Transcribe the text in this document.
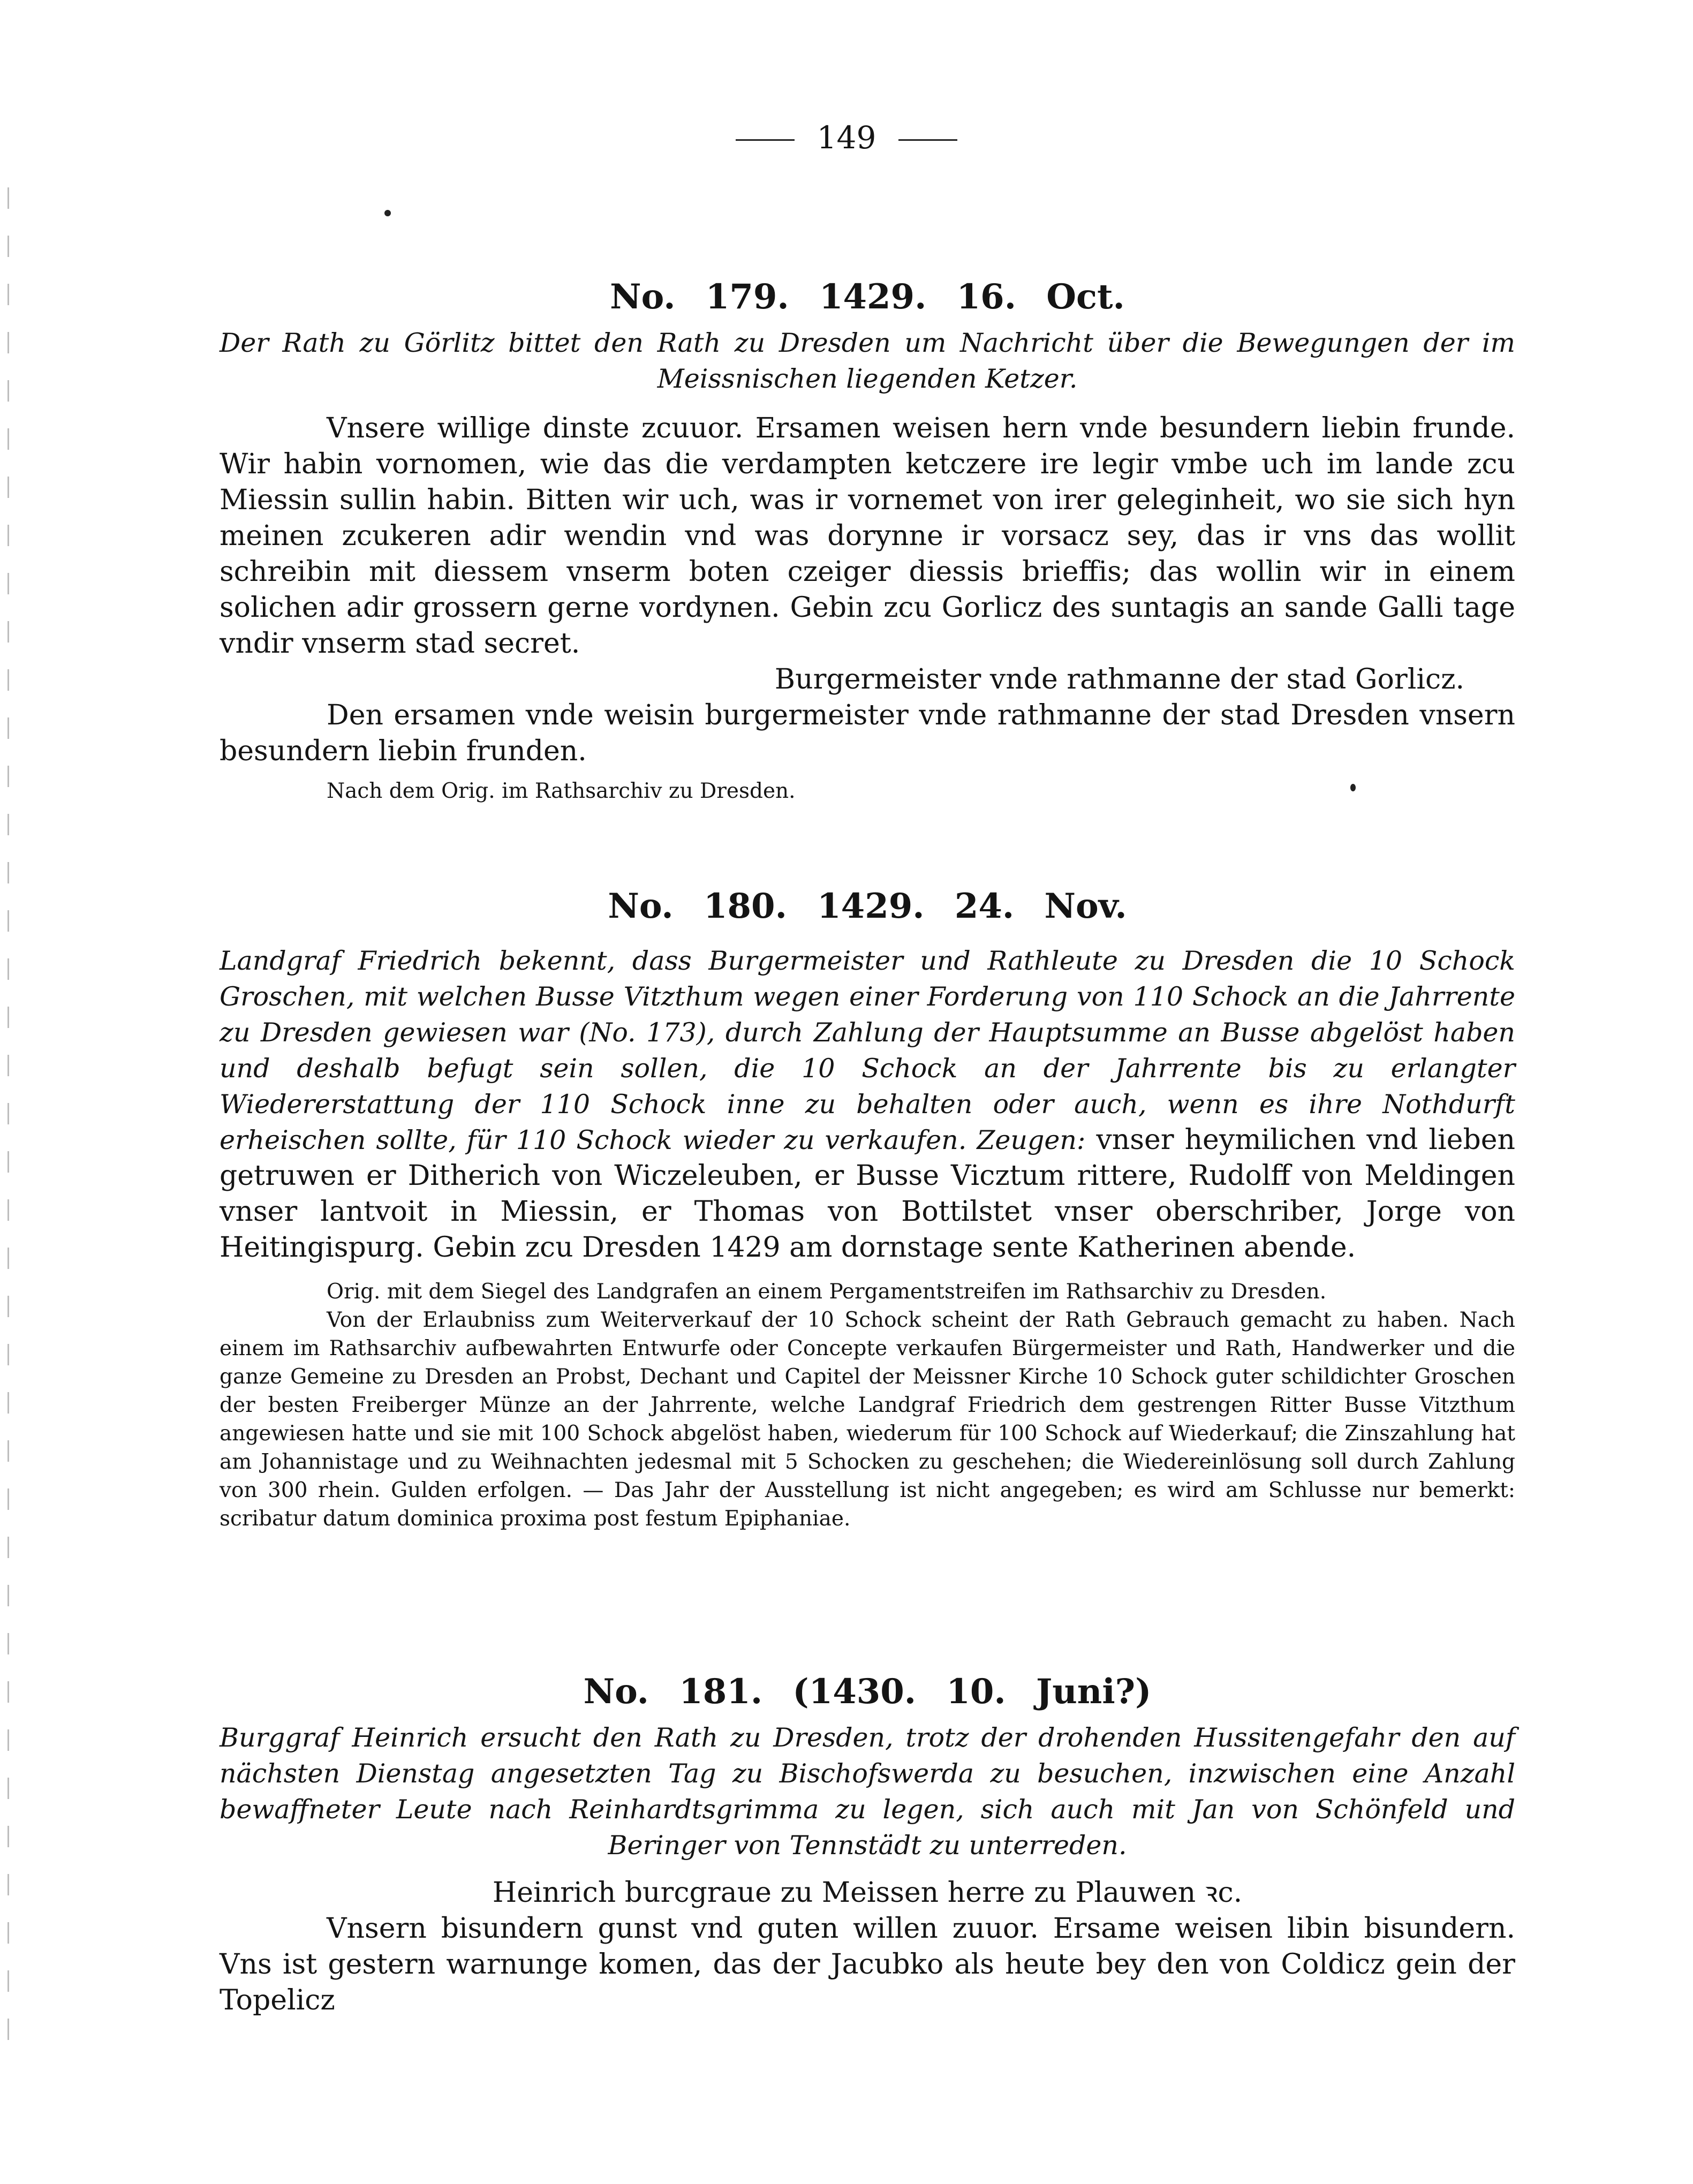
149
No. 179. 1429. 16. Oct.

Der Rath zu Görlitz bittet den Rath zu Dresden um Nachricht über die Bewegungen der im Meissnischen liegenden Ketzer.

Vnsere willige dinste zcuuor. Ersamen weisen hern vnde besundern liebin frunde. Wir habin vornomen, wie das die verdampten ketczere ire legir vmbe uch im lande zcu Miessin sullin habin. Bitten wir uch, was ir vornemet von irer geleginheit, wo sie sich hyn meinen zcukeren adir wendin vnd was dorynne ir vorsacz sey, das ir vns das wollit schreibin mit diessem vnserm boten czeiger diessis brieffis; das wollin wir in einem solichen adir grossern gerne vordynen. Gebin zcu Gorlicz des suntagis an sande Galli tage vndir vnserm stad secret.

Burgermeister vnde rathmanne der stad Gorlicz.

Den ersamen vnde weisin burgermeister vnde rathmanne der stad Dresden vnsern besundern liebin frunden.

Nach dem Orig. im Rathsarchiv zu Dresden.

No. 180. 1429. 24. Nov.

Landgraf Friedrich bekennt, dass Burgermeister und Rathleute zu Dresden die 10 Schock Groschen, mit welchen Busse Vitzthum wegen einer Forderung von 110 Schock an die Jahrrente zu Dresden gewiesen war (No. 173), durch Zahlung der Hauptsumme an Busse abgelöst haben und deshalb befugt sein sollen, die 10 Schock an der Jahrrente bis zu erlangter Wiedererstattung der 110 Schock inne zu behalten oder auch, wenn es ihre Nothdurft erheischen sollte, für 110 Schock wieder zu verkaufen. Zeugen: vnser heymilichen vnd lieben getruwen er Ditherich von Wiczeleuben, er Busse Vicztum rittere, Rudolff von Meldingen vnser lantvoit in Miessin, er Thomas von Bottilstet vnser oberschriber, Jorge von Heitingispurg. Gebin zcu Dresden 1429 am dornstage sente Katherinen abende.

Orig. mit dem Siegel des Landgrafen an einem Pergamentstreifen im Rathsarchiv zu Dresden.

Von der Erlaubniss zum Weiterverkauf der 10 Schock scheint der Rath Gebrauch gemacht zu haben. Nach einem im Rathsarchiv aufbewahrten Entwurfe oder Concepte verkaufen Bürgermeister und Rath, Handwerker und die ganze Gemeine zu Dresden an Probst, Dechant und Capitel der Meissner Kirche 10 Schock guter schildichter Groschen der besten Freiberger Münze an der Jahrrente, welche Landgraf Friedrich dem gestrengen Ritter Busse Vitzthum angewiesen hatte und sie mit 100 Schock abgelöst haben, wiederum für 100 Schock auf Wiederkauf; die Zinszahlung hat am Johannistage und zu Weihnachten jedesmal mit 5 Schocken zu geschehen; die Wiedereinlösung soll durch Zahlung von 300 rhein. Gulden erfolgen. — Das Jahr der Ausstellung ist nicht angegeben; es wird am Schlusse nur bemerkt: scribatur datum dominica proxima post festum Epiphaniae.

No. 181. (1430. 10. Juni?)

Burggraf Heinrich ersucht den Rath zu Dresden, trotz der drohenden Hussitengefahr den auf nächsten Dienstag angesetzten Tag zu Bischofswerda zu besuchen, inzwischen eine Anzahl bewaffneter Leute nach Reinhardtsgrimma zu legen, sich auch mit Jan von Schönfeld und Beringer von Tennstädt zu unterreden.

Heinrich burcgraue zu Meissen herre zu Plauwen ꝛc.

Vnsern bisundern gunst vnd guten willen zuuor. Ersame weisen libin bisundern. Vns ist gestern warnunge komen, das der Jacubko als heute bey den von Coldicz gein der Topelicz
